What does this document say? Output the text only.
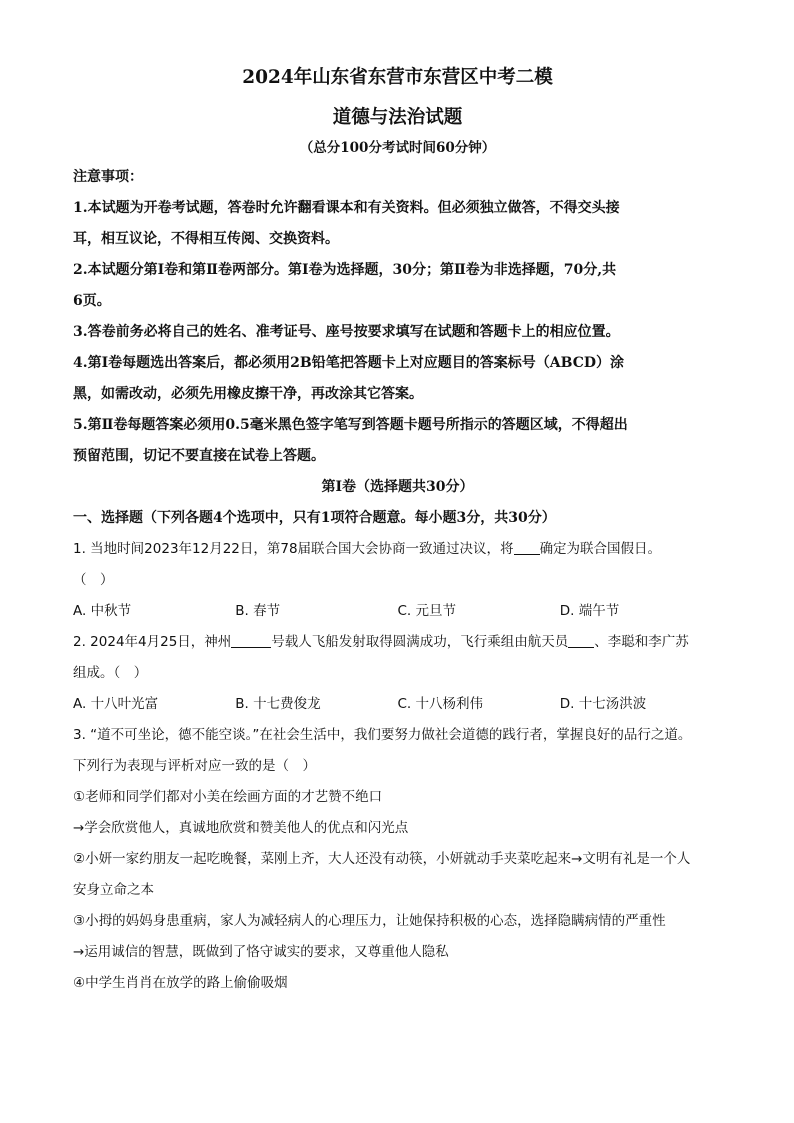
2024年山东省东营市东营区中考二模
道德与法治试题
（总分100分考试时间60分钟）

注意事项：

1.本试题为开卷考试题，答卷时允许翻看课本和有关资料。但必须独立做答，不得交头接

耳，相互议论，不得相互传阅、交换资料。

2.本试题分第Ⅰ卷和第Ⅱ卷两部分。第Ⅰ卷为选择题，30分；第Ⅱ卷为非选择题，70分,共

6页。

3.答卷前务必将自己的姓名、准考证号、座号按要求填写在试题和答题卡上的相应位置。

4.第Ⅰ卷每题选出答案后，都必须用2B铅笔把答题卡上对应题目的答案标号（ABCD）涂

黑，如需改动，必须先用橡皮擦干净，再改涂其它答案。

5.第Ⅱ卷每题答案必须用0.5毫米黑色签字笔写到答题卡题号所指示的答题区域，不得超出

预留范围，切记不要直接在试卷上答题。

第Ⅰ卷（选择题共30分）

一、选择题（下列各题4个选项中，只有1项符合题意。每小题3分，共30分）

1. 当地时间2023年12月22日，第78届联合国大会协商一致通过决议，将 确定为联合国假日。

（　）

A. 中秋节	B. 春节	C. 元旦节	D. 端午节

2. 2024年4月25日，神州	号载人飞船发射取得圆满成功，飞行乘组由航天员 、李聪和李广苏

组成。（　）

A. 十八叶光富	B. 十七费俊龙	C. 十八杨利伟	D. 十七汤洪波

3. “道不可坐论，德不能空谈。”在社会生活中，我们要努力做社会道德的践行者，掌握良好的品行之道。

下列行为表现与评析对应一致的是（　）

①老师和同学们都对小美在绘画方面的才艺赞不绝口

→学会欣赏他人，真诚地欣赏和赞美他人的优点和闪光点

②小妍一家约朋友一起吃晚餐，菜刚上齐，大人还没有动筷，小妍就动手夹菜吃起来→文明有礼是一个人

安身立命之本

③小拇的妈妈身患重病，家人为减轻病人的心理压力，让她保持积极的心态，选择隐瞒病情的严重性

→运用诚信的智慧，既做到了恪守诚实的要求，又尊重他人隐私

④中学生肖肖在放学的路上偷偷吸烟
